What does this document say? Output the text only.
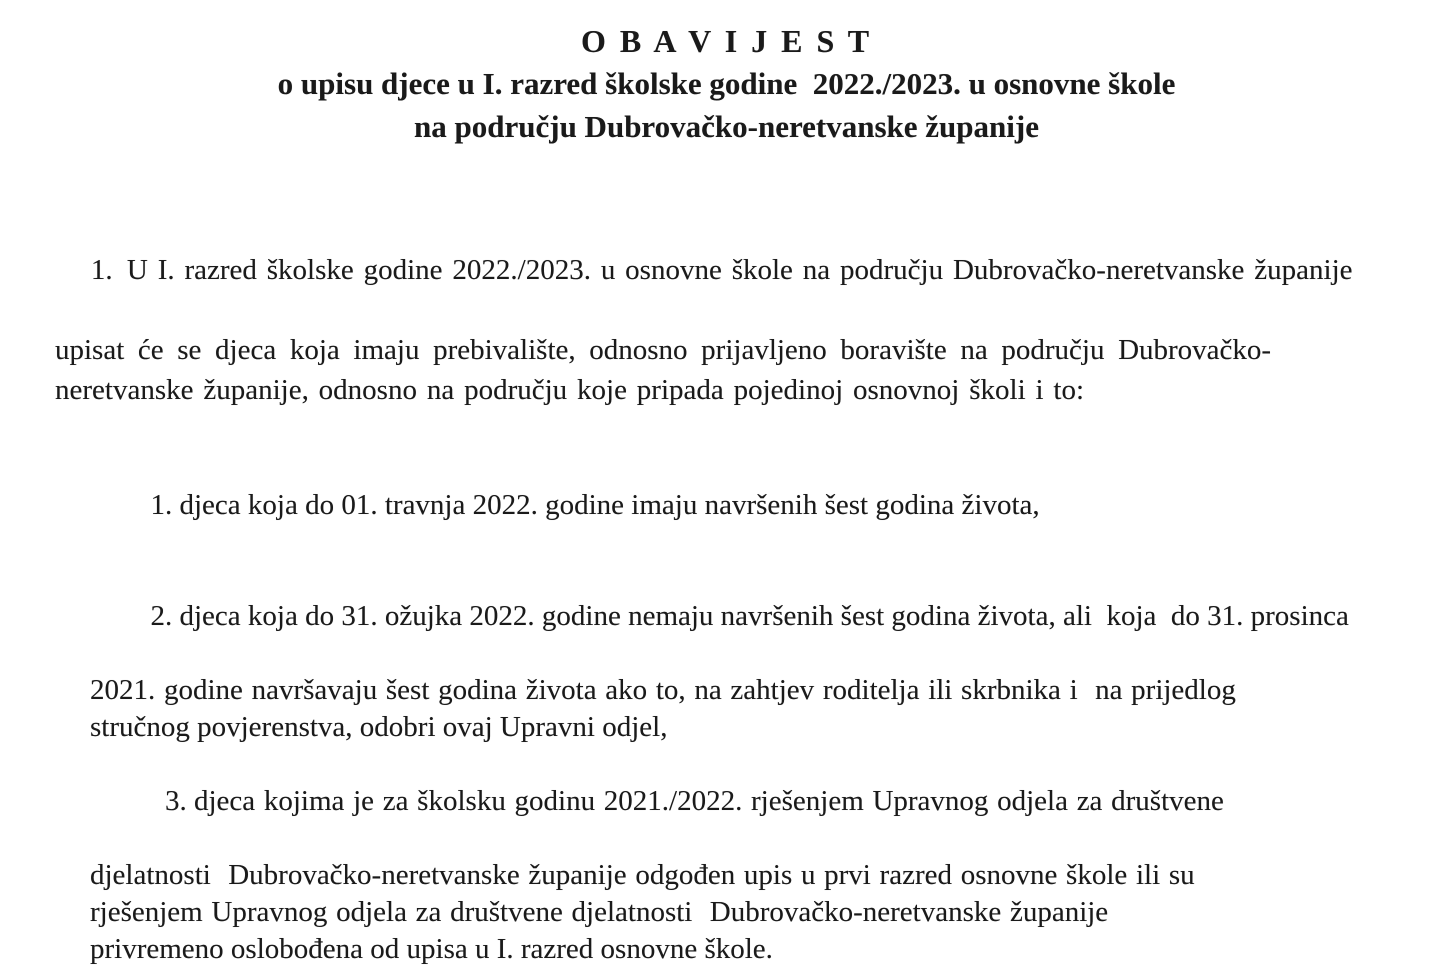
O B A V I J E S T
o upisu djece u I. razred školske godine  2022./2023. u osnovne škole
na području Dubrovačko-neretvanske županije

1. U I. razred školske godine 2022./2023. u osnovne škole na području Dubrovačko-neretvanske županije

upisat će se djeca koja imaju prebivalište, odnosno prijavljeno boravište na području Dubrovačko-
neretvanske županije, odnosno na području koje pripada pojedinoj osnovnoj školi i to:

1. djeca koja do 01. travnja 2022. godine imaju navršenih šest godina života,

2. djeca koja do 31. ožujka 2022. godine nemaju navršenih šest godina života, ali  koja  do 31. prosinca

2021. godine navršavaju šest godina života ako to, na zahtjev roditelja ili skrbnika i  na prijedlog
stručnog povjerenstva, odobri ovaj Upravni odjel,

3. djeca kojima je za školsku godinu 2021./2022. rješenjem Upravnog odjela za društvene

djelatnosti  Dubrovačko-neretvanske županije odgođen upis u prvi razred osnovne škole ili su
rješenjem Upravnog odjela za društvene djelatnosti  Dubrovačko-neretvanske županije
privremeno oslobođena od upisa u I. razred osnovne škole.
